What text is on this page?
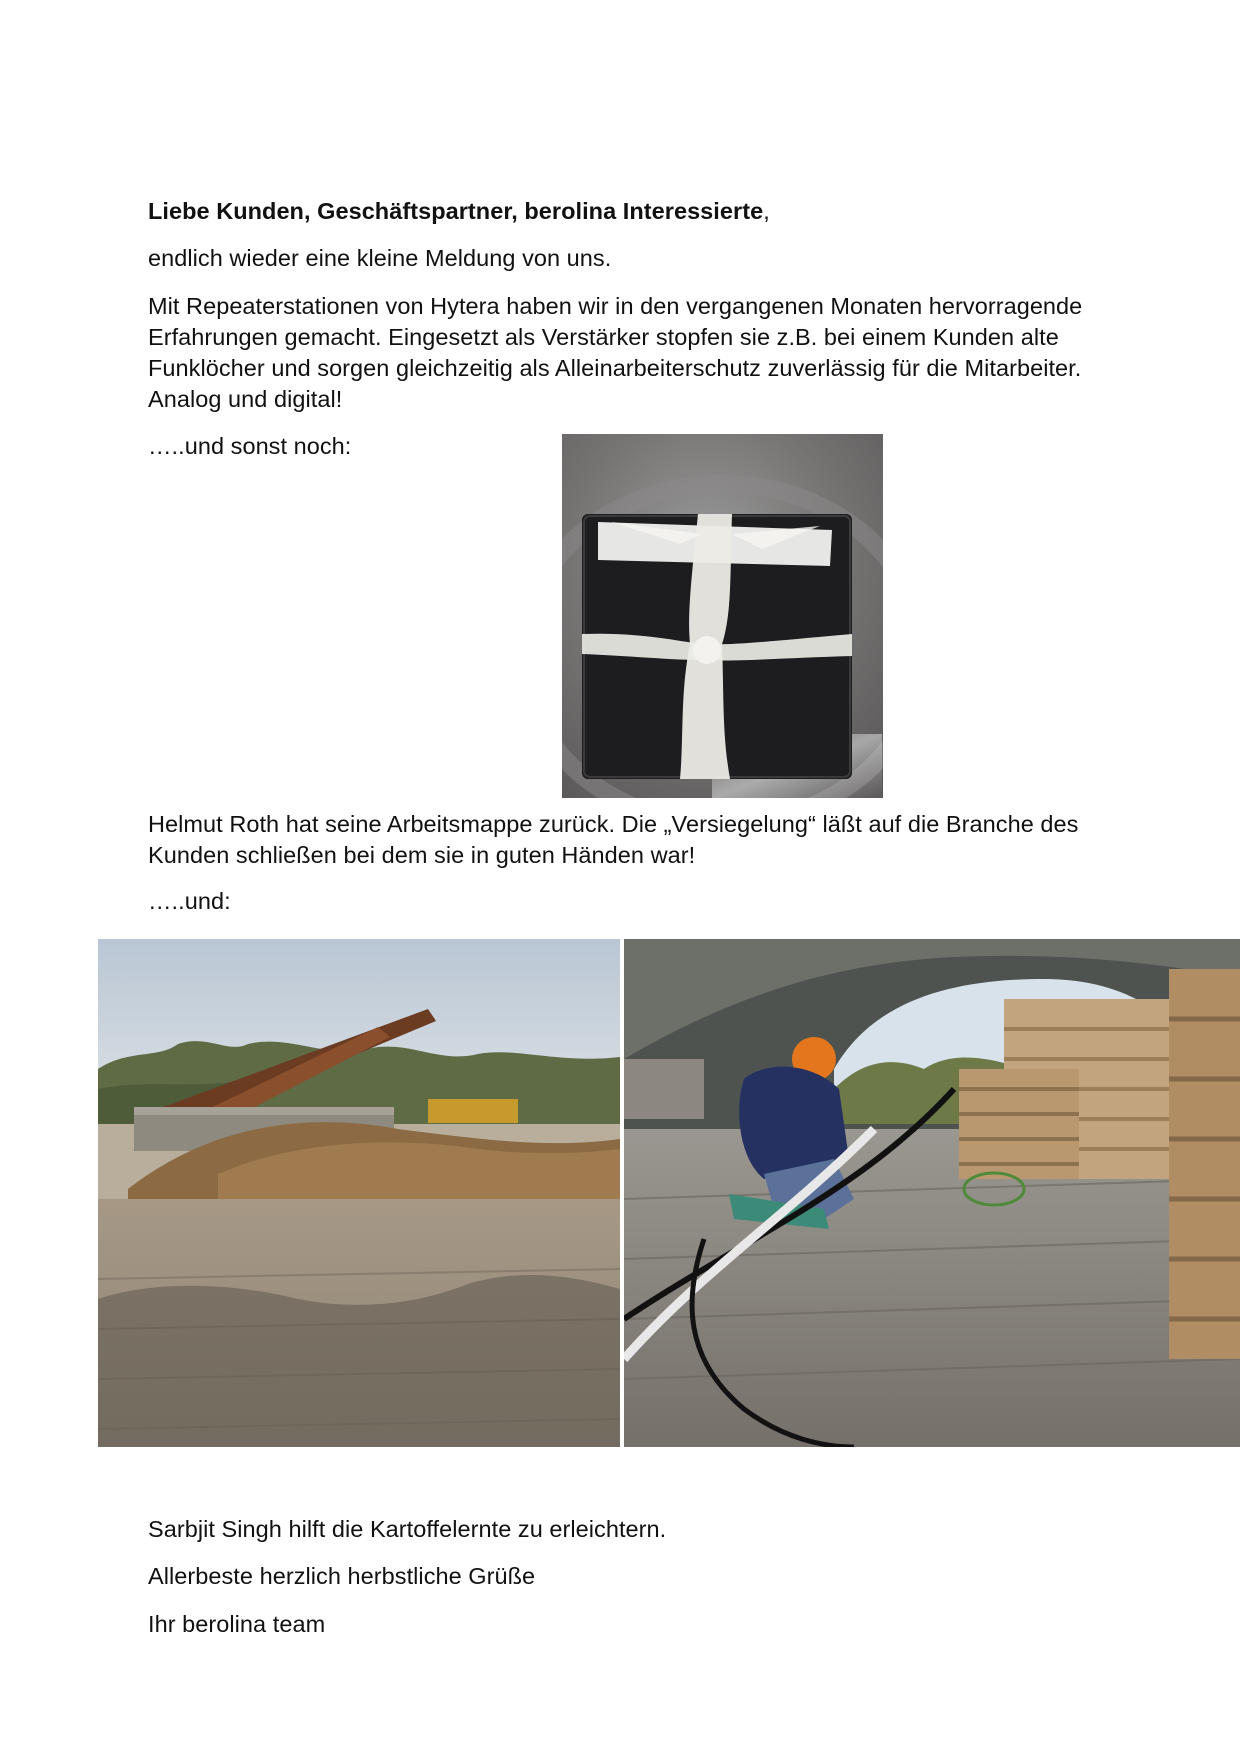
Liebe Kunden, Geschäftspartner, berolina Interessierte,

endlich wieder eine kleine Meldung von uns.

Mit Repeaterstationen von Hytera haben wir in den vergangenen Monaten hervorragende Erfahrungen gemacht. Eingesetzt als Verstärker stopfen sie z.B. bei einem Kunden alte Funklöcher und sorgen gleichzeitig als Alleinarbeiterschutz zuverlässig für die Mitarbeiter. Analog und digital!

…..und sonst noch:

Helmut Roth hat seine Arbeitsmappe zurück. Die „Versiegelung“ läßt auf die Branche des Kunden schließen bei dem sie in guten Händen war!

…..und:

Sarbjit Singh hilft die Kartoffelernte zu erleichtern.

Allerbeste herzlich herbstliche Grüße

Ihr berolina team
